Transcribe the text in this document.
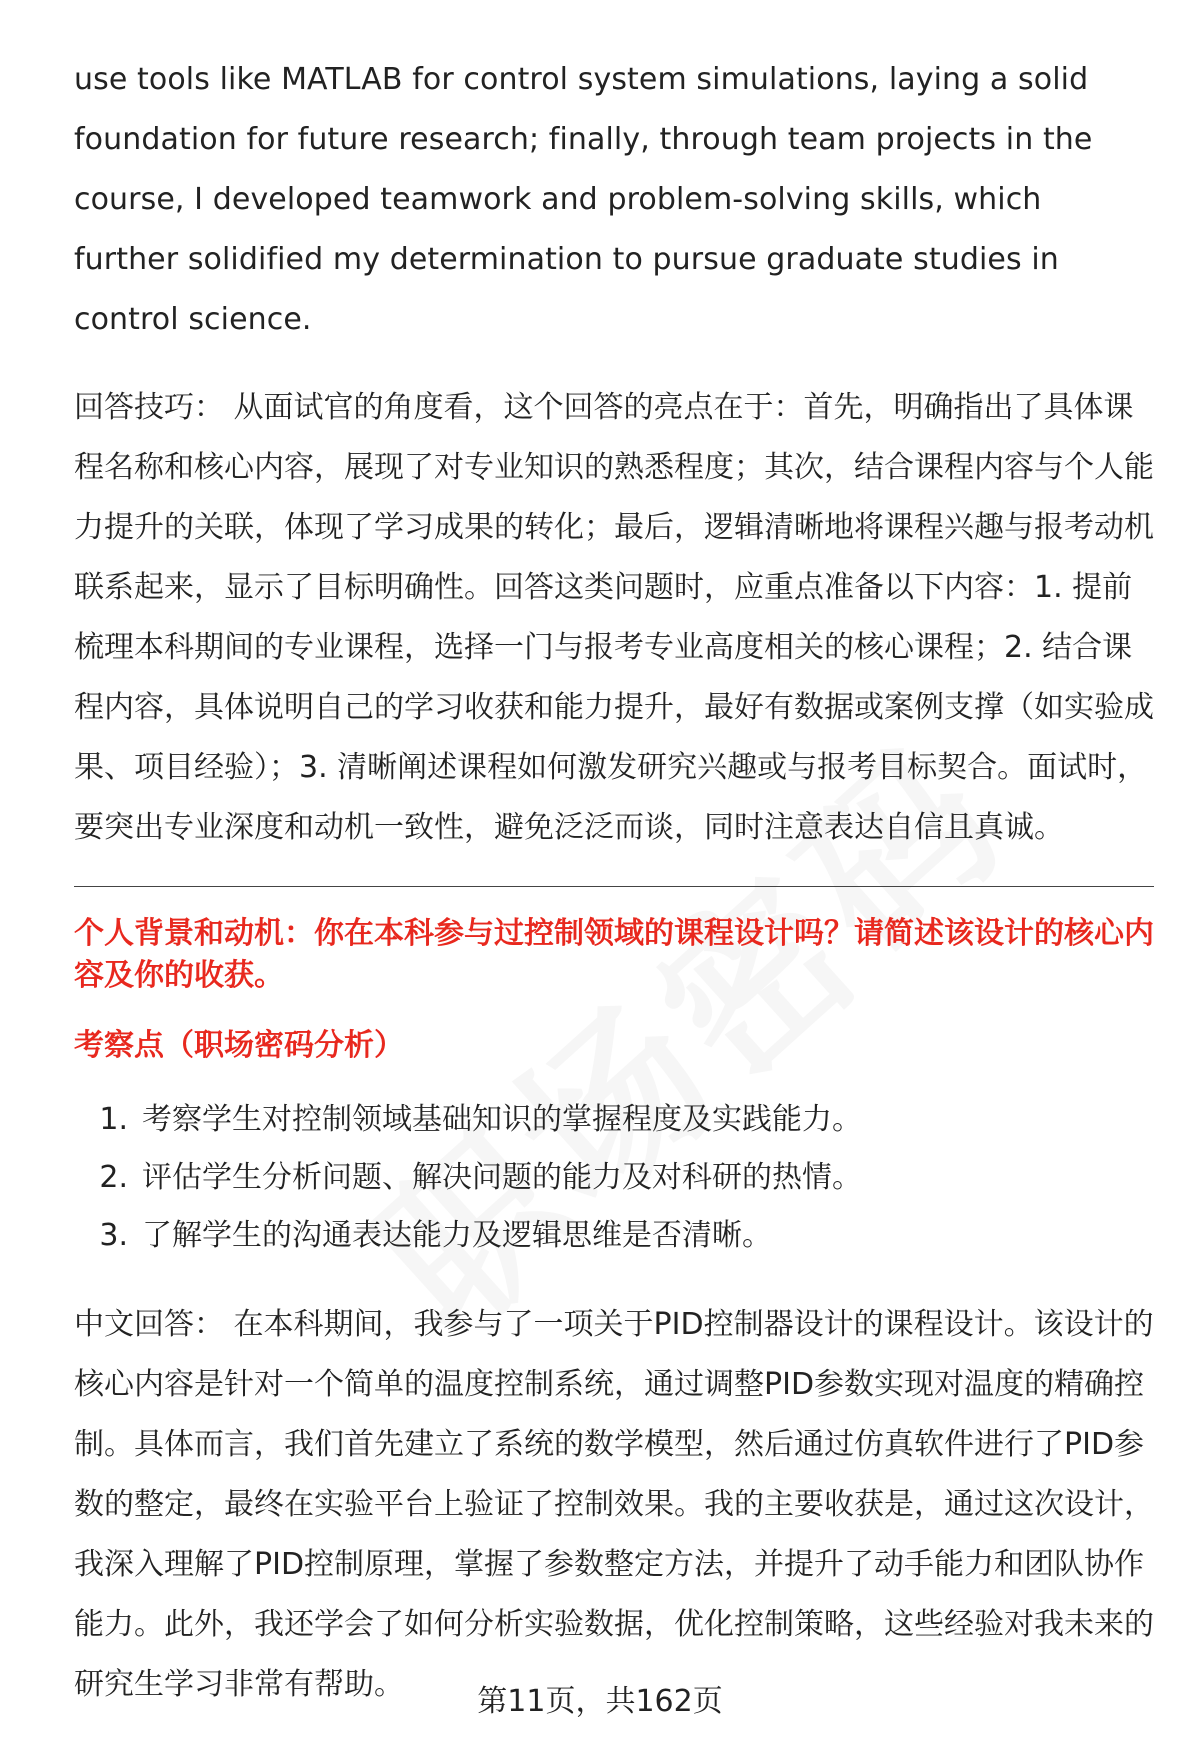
use tools like MATLAB for control system simulations, laying a solid foundation for future research; finally, through team projects in the course, I developed teamwork and problem-solving skills, which further solidified my determination to pursue graduate studies in control science.

回答技巧： 从面试官的角度看，这个回答的亮点在于：首先，明确指出了具体课程名称和核心内容，展现了对专业知识的熟悉程度；其次，结合课程内容与个人能力提升的关联，体现了学习成果的转化；最后，逻辑清晰地将课程兴趣与报考动机联系起来，显示了目标明确性。回答这类问题时，应重点准备以下内容：1. 提前梳理本科期间的专业课程，选择一门与报考专业高度相关的核心课程；2. 结合课程内容，具体说明自己的学习收获和能力提升，最好有数据或案例支撑（如实验成果、项目经验）；3. 清晰阐述课程如何激发研究兴趣或与报考目标契合。面试时，要突出专业深度和动机一致性，避免泛泛而谈，同时注意表达自信且真诚。

个人背景和动机：你在本科参与过控制领域的课程设计吗？请简述该设计的核心内容及你的收获。
考察点（职场密码分析）
1. 考察学生对控制领域基础知识的掌握程度及实践能力。
2. 评估学生分析问题、解决问题的能力及对科研的热情。
3. 了解学生的沟通表达能力及逻辑思维是否清晰。

中文回答： 在本科期间，我参与了一项关于PID控制器设计的课程设计。该设计的核心内容是针对一个简单的温度控制系统，通过调整PID参数实现对温度的精确控制。具体而言，我们首先建立了系统的数学模型，然后通过仿真软件进行了PID参数的整定，最终在实验平台上验证了控制效果。我的主要收获是，通过这次设计，我深入理解了PID控制原理，掌握了参数整定方法，并提升了动手能力和团队协作能力。此外，我还学会了如何分析实验数据，优化控制策略，这些经验对我未来的研究生学习非常有帮助。	第11页，共162页
